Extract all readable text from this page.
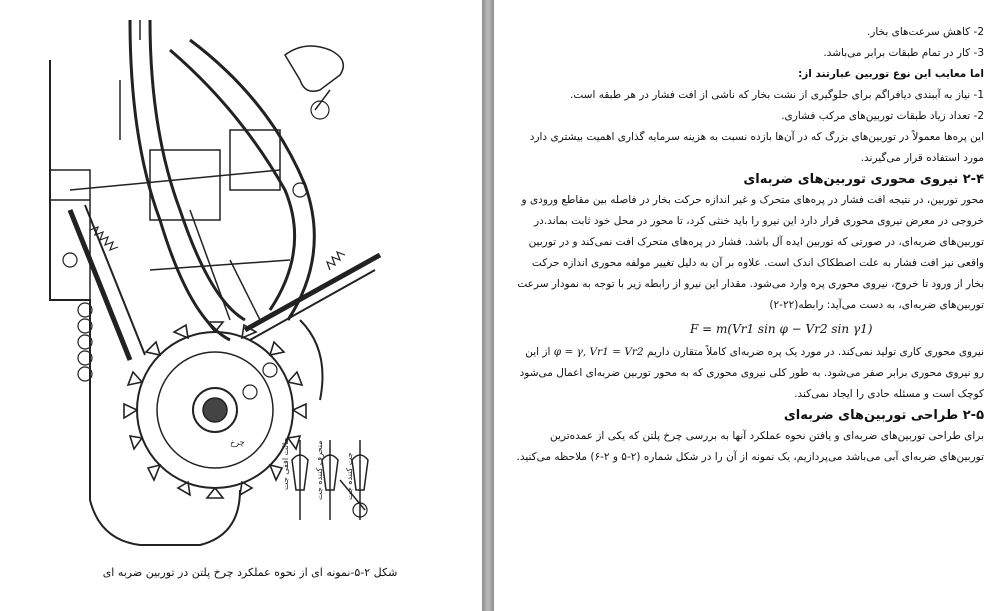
چرخ	حالت افقی جت	منحرف کننده جت	جت کننده جت
شکل ۲-۵-نمونه ای از نحوه عملکرد چرخ پلتن در توربین ضربه ای

2- کاهش سرعت‌های بخار.

3- کار در تمام طبقات برابر می‌باشد.

اما معایب این نوع توربین عبارتند از:

1- نیاز به آببندی دیافراگم برای جلوگیری از نشت بخار که ناشی از افت فشار در هر طبقه است.

2- تعداد زیاد طبقات توربین‌های مرکب فشاری.

این پره‌ها معمولاً در توربین‌های بزرگ که در آن‌ها بازده نسبت به هزینه سرمایه گذاری اهمیت بیشتری دارد مورد استفاده قرار می‌گیرند.

۲-۴ نیروی محوری توربین‌های ضربه‌ای

محور توربین، در نتیجه افت فشار در پره‌های متحرک و غیر اندازه حرکت بخار در فاصله بین مقاطع ورودی و خروجی در معرض نیروی محوری قرار دارد این نیرو را باید خنثی کرد، تا محور در محل خود ثابت بماند.در توربین‌های ضربه‌ای، در صورتی که توربین ایده آل باشد. فشار در پره‌های متحرک افت نمی‌کند و در توربین واقعی نیز افت فشار به علت اصطکاک اندک است. علاوه بر آن به دلیل تغییر مولفه محوری اندازه حرکت بخار از ورود تا خروج، نیروی محوری پره وارد می‌شود. مقدار این نیرو از رابطه زیر با توجه به نمودار سرعت توربین‌های ضربه‌ای، به دست می‌آید: رابطه(۲۲-۲)

F = m(Vr1 sin φ − Vr2 sin γ1)

نیروی محوری کاری تولید نمی‌کند. در مورد یک پره ضربه‌ای کاملاً متقارن داریم φ = γ, Vr1 = Vr2 از این رو نیروی محوری برابر صفر می‌شود. به طور کلی نیروی محوری که به محور توربین ضربه‌ای اعمال می‌شود کوچک است و مسئله حادی را ایجاد نمی‌کند.

۲-۵ طراحی توربین‌های ضربه‌ای

برای طراحی توربین‌های ضربه‌ای و یافتن نحوه عملکرد آنها به بررسی چرخ پلتن که یکی از عمده‌ترین توربین‌های ضربه‌ای آبی می‌باشد می‌پردازیم، یک نمونه از آن را در شکل شماره (۲-۵ و ۲-۶) ملاحظه می‌کنید.
